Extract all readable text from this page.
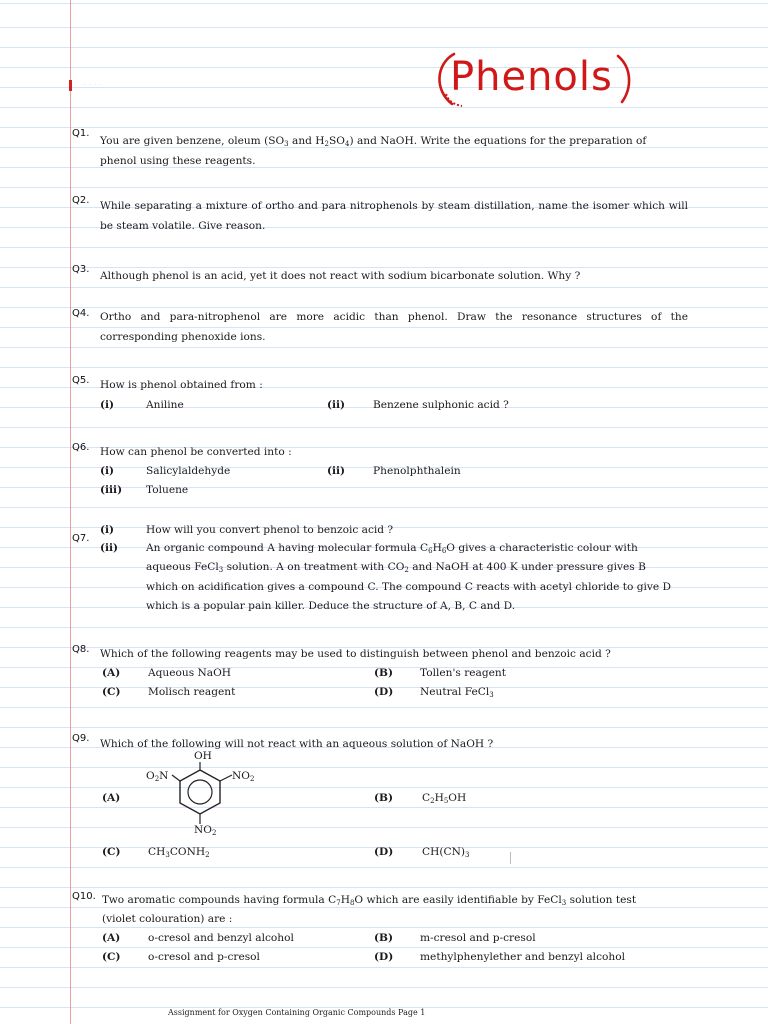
· · · ·	Phenols
Q1.
You are given benzene, oleum ($SO_3$ and $H_2SO_4$) and NaOH. Write the equations for the preparation of
phenol using these reagents.
Q2. While separating a mixture of ortho and para nitrophenols by steam distillation, name the isomer which will be steam volatile. Give reason.
Q3.
Although phenol is an acid, yet it does not react with sodium bicarbonate solution. Why ?
Q4. Ortho and para-nitrophenol are more acidic than phenol. Draw the resonance structures of the corresponding phenoxide ions.
Q5. How is phenol obtained from :
(i)	Aniline	(ii)	Benzene sulphonic acid ?
Q6. How can phenol be converted into :
(i)	Salicylaldehyde	(ii)	Phenolphthalein
(iii) Toluene
Q7.
(i)	How will you convert phenol to benzoic acid ?
(ii)	An organic compound A having molecular formula $C_6H_6O$ gives a characteristic colour with
aqueous FeCl$_3$ solution. A on treatment with $CO_2$ and NaOH at 400 K under pressure gives B
which on acidification gives a compound C. The compound C reacts with acetyl chloride to give D
which is a popular pain killer. Deduce the structure of A, B, C and D.
Q8. Which of the following reagents may be used to distinguish between phenol and benzoic acid ?
(A)	Aqueous NaOH	(B)	Tollen's reagent
(C)	Molisch reagent	(D)	Neutral FeCl$_3$
Q9. Which of the following will not react with an aqueous solution of NaOH ?
(A)
OH
$O_2N$	$NO_2$
$NO_2$
(B)	$C_2H_5OH$
(C)	$CH_3CONH_2$	(D)	$CH(CN)_3$
Q10. Two aromatic compounds having formula $C_7H_8O$ which are easily identifiable by FeCl$_3$ solution test
(violet colouration) are :
(A)	o-cresol and benzyl alcohol	(B)	m-cresol and p-cresol
(C)	o-cresol and p-cresol	(D)	methylphenylether and benzyl alcohol
Assignment for Oxygen Containing Organic Compounds Page 1
